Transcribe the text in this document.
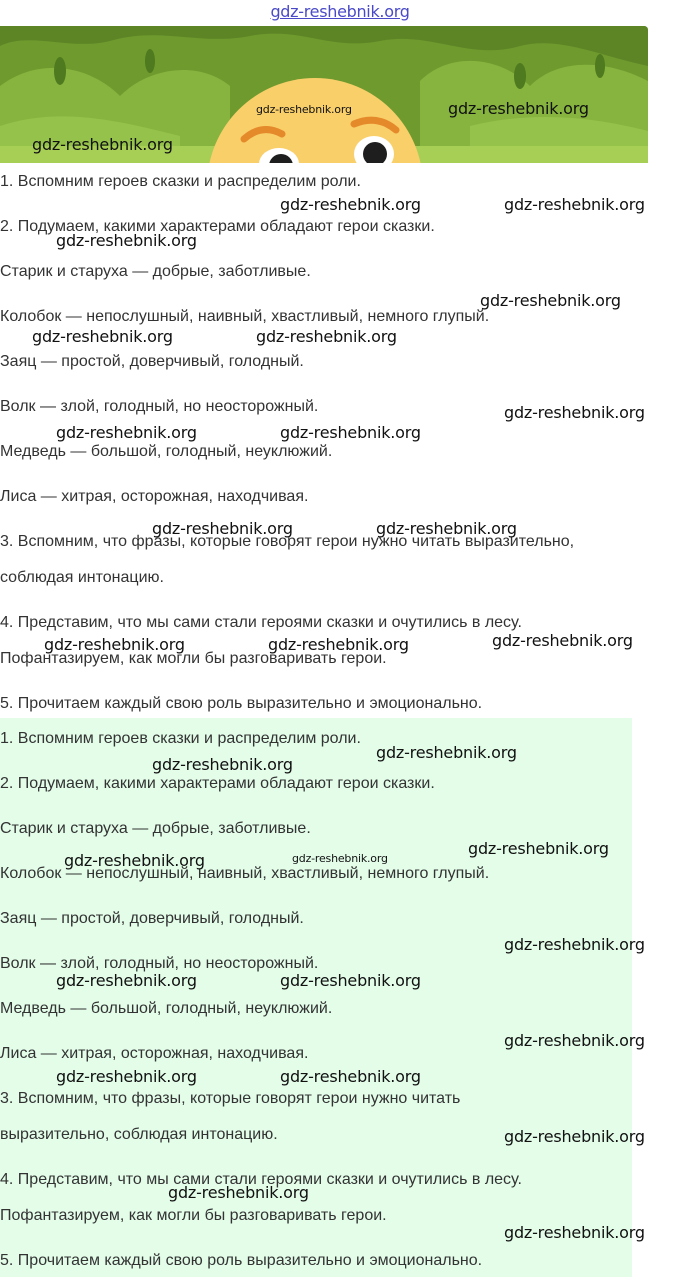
gdz-reshebnik.org
1. Вспомним героев сказки и распределим роли.
2. Подумаем, какими характерами обладают герои сказки.
Старик и старуха — добрые, заботливые.
Колобок — непослушный, наивный, хвастливый, немного глупый.
Заяц — простой, доверчивый, голодный.
Волк — злой, голодный, но неосторожный.
Медведь — большой, голодный, неуклюжий.
Лиса — хитрая, осторожная, находчивая.
3. Вспомним, что фразы, которые говорят герои нужно читать выразительно,
соблюдая интонацию.
4. Представим, что мы сами стали героями сказки и очутились в лесу.
Пофантазируем, как могли бы разговаривать герои.
5. Прочитаем каждый свою роль выразительно и эмоционально.
1. Вспомним героев сказки и распределим роли.
2. Подумаем, какими характерами обладают герои сказки.
Старик и старуха — добрые, заботливые.
Колобок — непослушный, наивный, хвастливый, немного глупый.
Заяц — простой, доверчивый, голодный.
Волк — злой, голодный, но неосторожный.
Медведь — большой, голодный, неуклюжий.
Лиса — хитрая, осторожная, находчивая.
3. Вспомним, что фразы, которые говорят герои нужно читать
выразительно, соблюдая интонацию.
4. Представим, что мы сами стали героями сказки и очутились в лесу.
Пофантазируем, как могли бы разговаривать герои.
5. Прочитаем каждый свою роль выразительно и эмоционально.
gdz-reshebnik.org	gdz-reshebnik.org
gdz-reshebnik.org
gdz-reshebnik.org	gdz-reshebnik.org
gdz-reshebnik.org
gdz-reshebnik.org
gdz-reshebnik.org	gdz-reshebnik.org
gdz-reshebnik.org
gdz-reshebnik.org	gdz-reshebnik.org
gdz-reshebnik.org	gdz-reshebnik.org
gdz-reshebnik.org	gdz-reshebnik.org	gdz-reshebnik.org
gdz-reshebnik.org
gdz-reshebnik.org
gdz-reshebnik.org
gdz-reshebnik.org	gdz-reshebnik.org
gdz-reshebnik.org
gdz-reshebnik.org	gdz-reshebnik.org
gdz-reshebnik.org
gdz-reshebnik.org	gdz-reshebnik.org
gdz-reshebnik.org
gdz-reshebnik.org
gdz-reshebnik.org
